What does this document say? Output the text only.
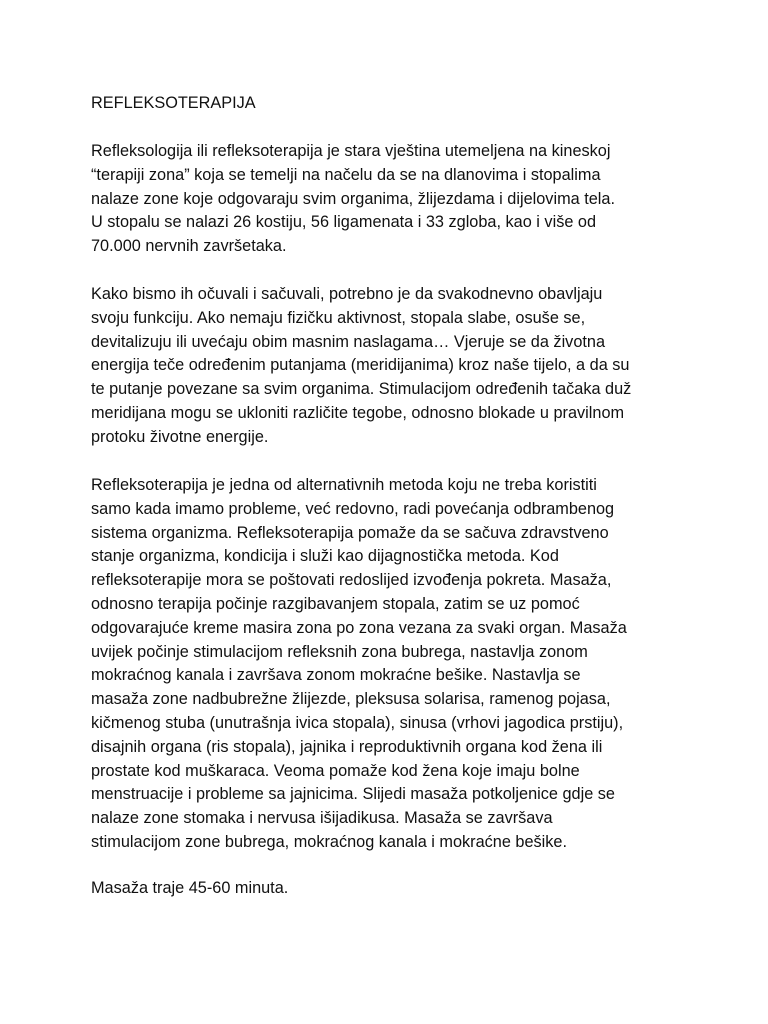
REFLEKSOTERAPIJA
Refleksologija ili refleksoterapija je stara vještina utemeljena na kineskoj
“terapiji zona” koja se temelji na načelu da se na dlanovima i stopalima
nalaze zone koje odgovaraju svim organima, žlijezdama i dijelovima tela.
U stopalu se nalazi 26 kostiju, 56 ligamenata i 33 zgloba, kao i više od
70.000 nervnih završetaka.
Kako bismo ih očuvali i sačuvali, potrebno je da svakodnevno obavljaju
svoju funkciju. Ako nemaju fizičku aktivnost, stopala slabe, osuše se,
devitalizuju ili uvećaju obim masnim naslagama… Vjeruje se da životna
energija teče određenim putanjama (meridijanima) kroz naše tijelo, a da su
te putanje povezane sa svim organima. Stimulacijom određenih tačaka duž
meridijana mogu se ukloniti različite tegobe, odnosno blokade u pravilnom
protoku životne energije.
Refleksoterapija je jedna od alternativnih metoda koju ne treba koristiti
samo kada imamo probleme, već redovno, radi povećanja odbrambenog
sistema organizma. Refleksoterapija pomaže da se sačuva zdravstveno
stanje organizma, kondicija i služi kao dijagnostička metoda. Kod
refleksoterapije mora se poštovati redoslijed izvođenja pokreta. Masaža,
odnosno terapija počinje razgibavanjem stopala, zatim se uz pomoć
odgovarajuće kreme masira zona po zona vezana za svaki organ. Masaža
uvijek počinje stimulacijom refleksnih zona bubrega, nastavlja zonom
mokraćnog kanala i završava zonom mokraćne bešike. Nastavlja se
masaža zone nadbubrežne žlijezde, pleksusa solarisa, ramenog pojasa,
kičmenog stuba (unutrašnja ivica stopala), sinusa (vrhovi jagodica prstiju),
disajnih organa (ris stopala), jajnika i reproduktivnih organa kod žena ili
prostate kod muškaraca. Veoma pomaže kod žena koje imaju bolne
menstruacije i probleme sa jajnicima. Slijedi masaža potkoljenice gdje se
nalaze zone stomaka i nervusa išijadikusa. Masaža se završava
stimulacijom zone bubrega, mokraćnog kanala i mokraćne bešike.
Masaža traje 45-60 minuta.
